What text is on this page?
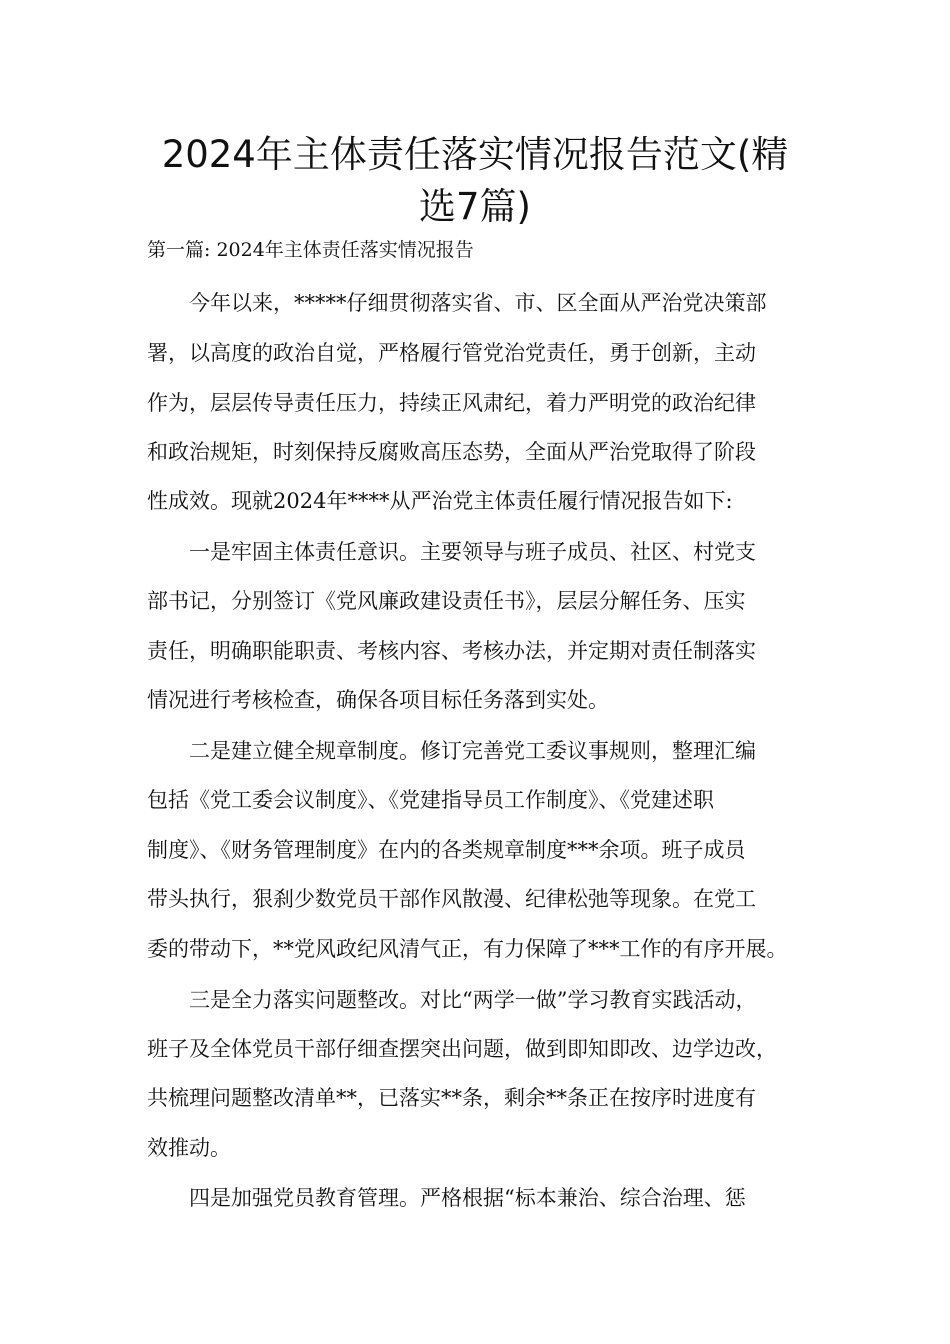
2024年主体责任落实情况报告范文(精
选7篇)
第一篇: 2024年主体责任落实情况报告

今年以来，*****仔细贯彻落实省、市、区全面从严治党决策部

署，以高度的政治自觉，严格履行管党治党责任，勇于创新，主动

作为，层层传导责任压力，持续正风肃纪，着力严明党的政治纪律

和政治规矩，时刻保持反腐败高压态势，全面从严治党取得了阶段

性成效。现就2024年****从严治党主体责任履行情况报告如下:

一是牢固主体责任意识。主要领导与班子成员、社区、村党支

部书记，分别签订《党风廉政建设责任书》，层层分解任务、压实

责任，明确职能职责、考核内容、考核办法，并定期对责任制落实

情况进行考核检查，确保各项目标任务落到实处。

二是建立健全规章制度。修订完善党工委议事规则，整理汇编

包括《党工委会议制度》、《党建指导员工作制度》、《党建述职

制度》、《财务管理制度》在内的各类规章制度***余项。班子成员

带头执行，狠刹少数党员干部作风散漫、纪律松弛等现象。在党工

委的带动下，**党风政纪风清气正，有力保障了***工作的有序开展。

三是全力落实问题整改。对比“两学一做”学习教育实践活动，

班子及全体党员干部仔细查摆突出问题，做到即知即改、边学边改，

共梳理问题整改清单**，已落实**条，剩余**条正在按序时进度有

效推动。

四是加强党员教育管理。严格根据“标本兼治、综合治理、惩
